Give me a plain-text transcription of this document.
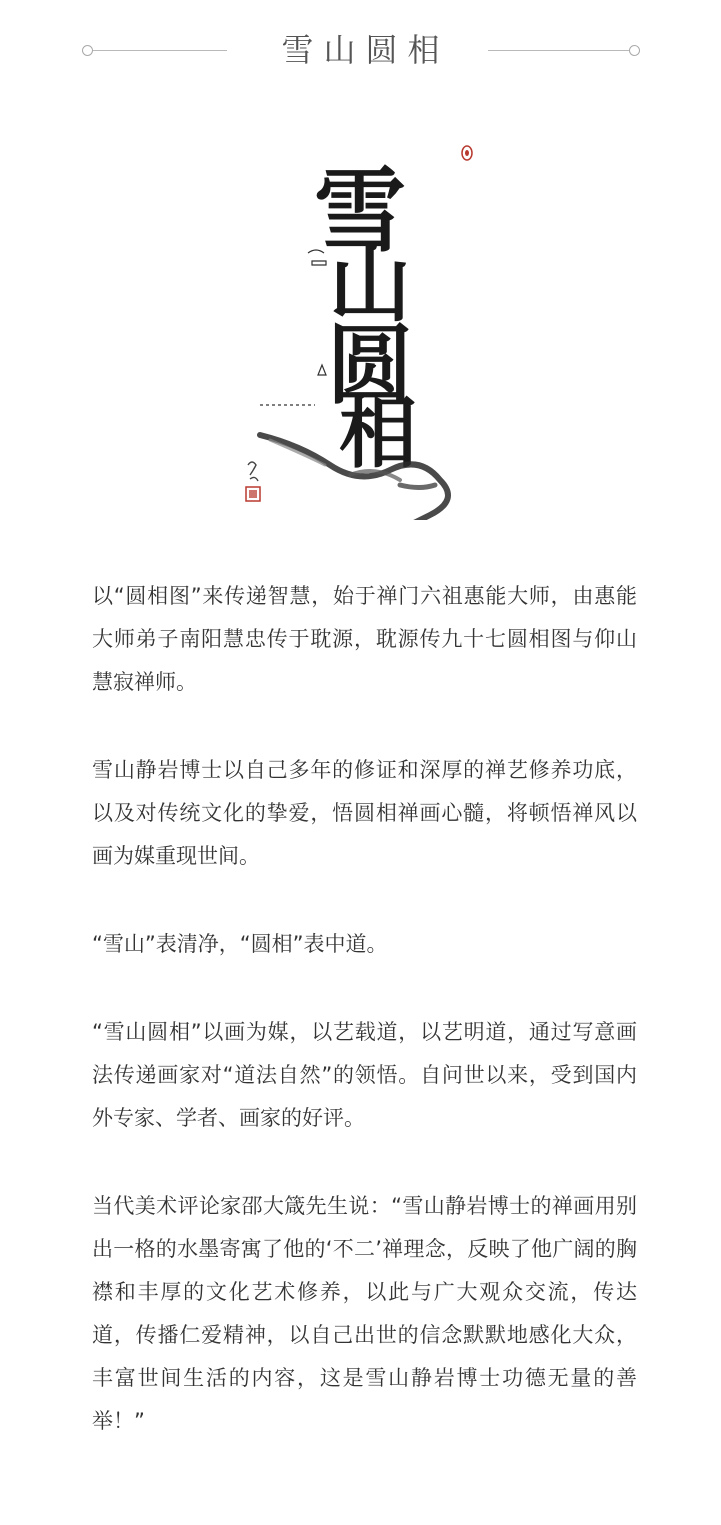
雪山圆相
雪
山
圆
相

以“圆相图”来传递智慧，始于禅门六祖惠能大师，由惠能大师弟子南阳慧忠传于耽源，耽源传九十七圆相图与仰山慧寂禅师。

雪山静岩博士以自己多年的修证和深厚的禅艺修养功底，以及对传统文化的挚爱，悟圆相禅画心髓，将顿悟禅风以画为媒重现世间。

“雪山”表清净，“圆相”表中道。

“雪山圆相”以画为媒，以艺载道，以艺明道，通过写意画法传递画家对“道法自然”的领悟。自问世以来，受到国内外专家、学者、画家的好评。

当代美术评论家邵大箴先生说：“雪山静岩博士的禅画用别出一格的水墨寄寓了他的‘不二’禅理念，反映了他广阔的胸襟和丰厚的文化艺术修养，以此与广大观众交流，传达道，传播仁爱精神，以自己出世的信念默默地感化大众，丰富世间生活的内容，这是雪山静岩博士功德无量的善举！”
